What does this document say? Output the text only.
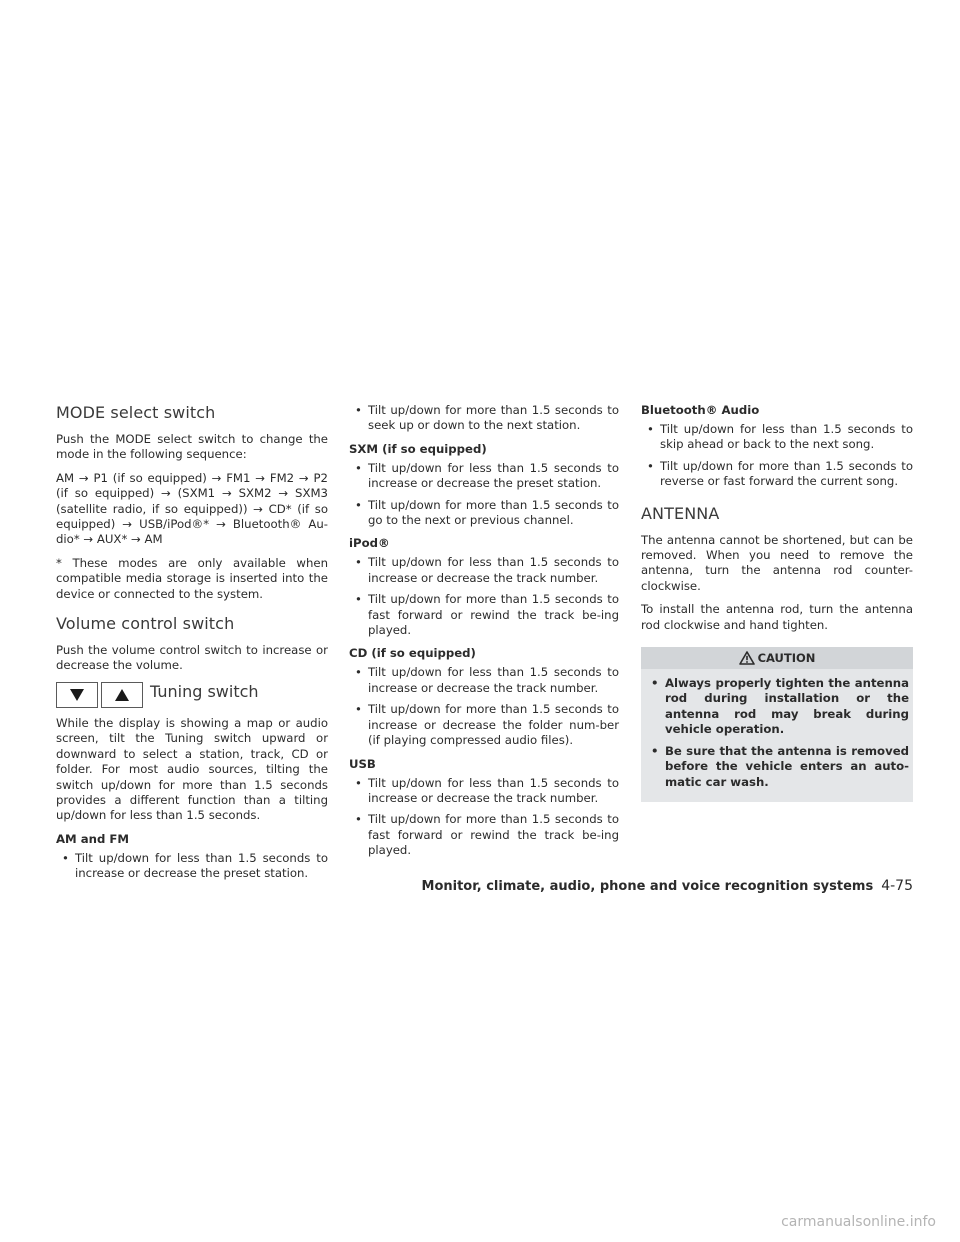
MODE select switch

Push the MODE select switch to change the mode in the following sequence:

AM → P1 (if so equipped) → FM1 → FM2 → P2 (if so equipped) → (SXM1 → SXM2 → SXM3 (satellite radio, if so equipped)) → CD* (if so equipped) → USB/iPod®* → Bluetooth® Au-dio* → AUX* → AM

* These modes are only available when compatible media storage is inserted into the device or connected to the system.

Volume control switch

Push the volume control switch to increase or decrease the volume.

Tuning switch

While the display is showing a map or audio screen, tilt the Tuning switch upward or downward to select a station, track, CD or folder. For most audio sources, tilting the switch up/down for more than 1.5 seconds provides a different function than a tilting up/down for less than 1.5 seconds.

AM and FM
• Tilt up/down for less than 1.5 seconds to increase or decrease the preset station.
• Tilt up/down for more than 1.5 seconds to seek up or down to the next station.
SXM (if so equipped)
• Tilt up/down for less than 1.5 seconds to increase or decrease the preset station.
• Tilt up/down for more than 1.5 seconds to go to the next or previous channel.
iPod®
• Tilt up/down for less than 1.5 seconds to increase or decrease the track number.
• Tilt up/down for more than 1.5 seconds to fast forward or rewind the track be-ing played.
CD (if so equipped)
• Tilt up/down for less than 1.5 seconds to increase or decrease the track number.
• Tilt up/down for more than 1.5 seconds to increase or decrease the folder num-ber (if playing compressed audio files).
USB
• Tilt up/down for less than 1.5 seconds to increase or decrease the track number.
• Tilt up/down for more than 1.5 seconds to fast forward or rewind the track be-ing played.
Bluetooth® Audio
• Tilt up/down for less than 1.5 seconds to skip ahead or back to the next song.
• Tilt up/down for more than 1.5 seconds to reverse or fast forward the current song.
ANTENNA

The antenna cannot be shortened, but can be removed. When you need to remove the antenna, turn the antenna rod counter-clockwise.

To install the antenna rod, turn the antenna rod clockwise and hand tighten.

CAUTION
• Always properly tighten the antenna rod during installation or the antenna rod may break during vehicle operation.
• Be sure that the antenna is removed before the vehicle enters an auto-matic car wash.
Monitor, climate, audio, phone and voice recognition systems 4-75
carmanualsonline.info
